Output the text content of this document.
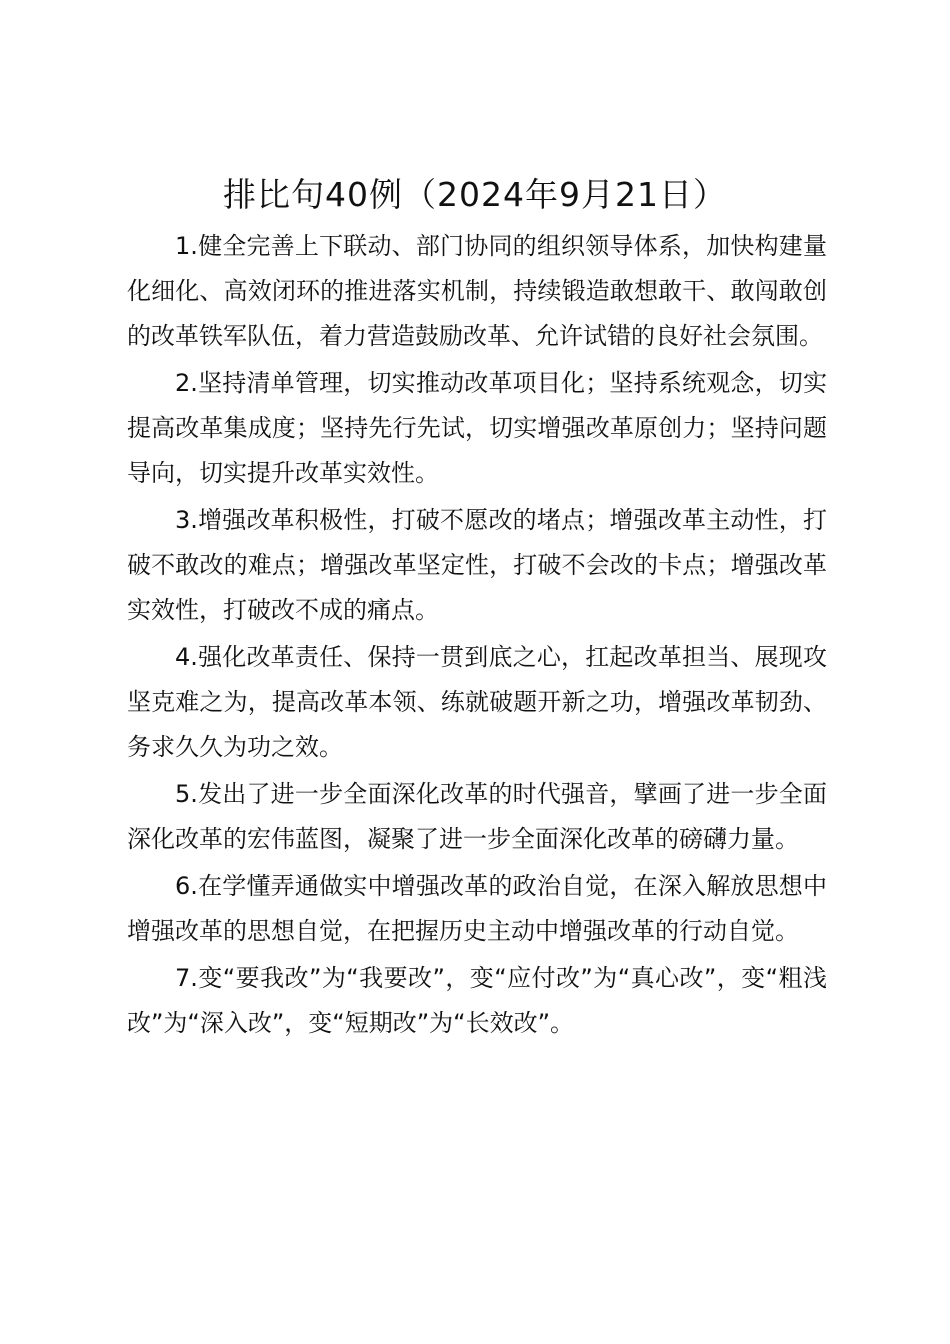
排比句40例（2024年9月21日）

1.健全完善上下联动、部门协同的组织领导体系，加快构建量化细化、高效闭环的推进落实机制，持续锻造敢想敢干、敢闯敢创的改革铁军队伍，着力营造鼓励改革、允许试错的良好社会氛围。

2.坚持清单管理，切实推动改革项目化；坚持系统观念，切实提高改革集成度；坚持先行先试，切实增强改革原创力；坚持问题导向，切实提升改革实效性。

3.增强改革积极性，打破不愿改的堵点；增强改革主动性，打破不敢改的难点；增强改革坚定性，打破不会改的卡点；增强改革实效性，打破改不成的痛点。

4.强化改革责任、保持一贯到底之心，扛起改革担当、展现攻坚克难之为，提高改革本领、练就破题开新之功，增强改革韧劲、务求久久为功之效。

5.发出了进一步全面深化改革的时代强音，擘画了进一步全面深化改革的宏伟蓝图，凝聚了进一步全面深化改革的磅礴力量。

6.在学懂弄通做实中增强改革的政治自觉，在深入解放思想中增强改革的思想自觉，在把握历史主动中增强改革的行动自觉。

7.变“要我改”为“我要改”，变“应付改”为“真心改”，变“粗浅改”为“深入改”，变“短期改”为“长效改”。
